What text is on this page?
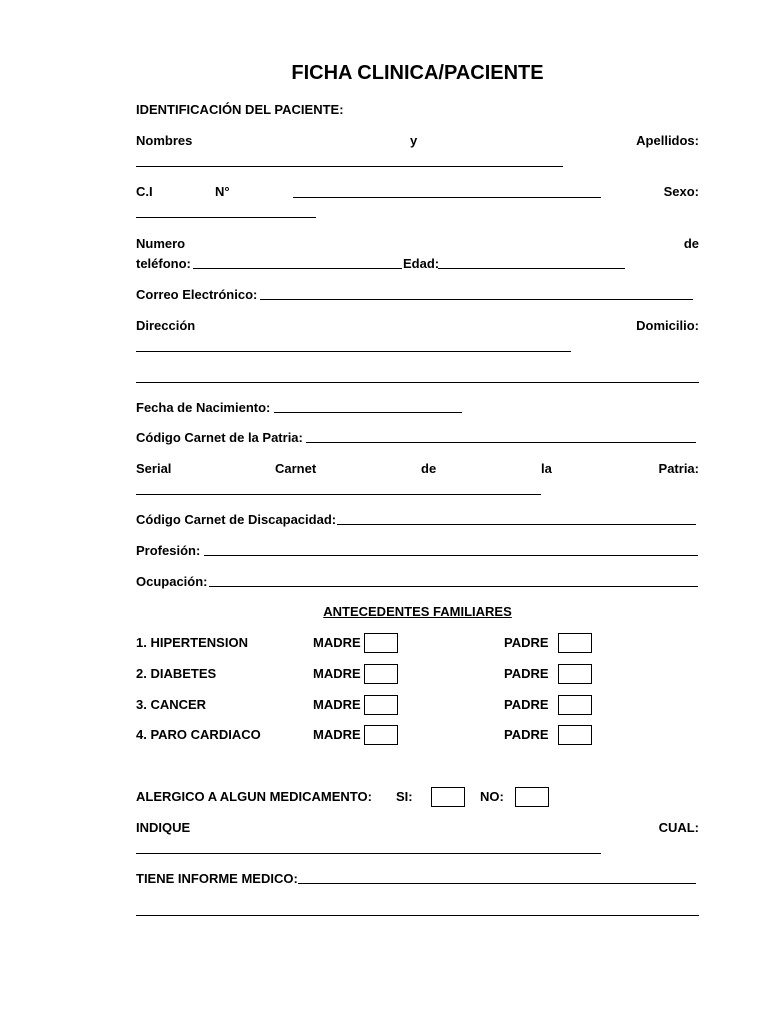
FICHA CLINICA/PACIENTE
IDENTIFICACIÓN DEL PACIENTE:
Nombres	y	Apellidos:
C.I	N°	Sexo:
Numero	de
teléfono:	Edad:
Correo Electrónico:
Dirección	Domicilio:
Fecha de Nacimiento:
Código Carnet de la Patria:
Serial	Carnet	de	la	Patria:
Código Carnet de Discapacidad:
Profesión:
Ocupación:
ANTECEDENTES FAMILIARES
1. HIPERTENSION	MADRE	PADRE
2. DIABETES	MADRE	PADRE
3. CANCER	MADRE	PADRE
4. PARO CARDIACO	MADRE	PADRE
ALERGICO A ALGUN MEDICAMENTO: SI:	NO:
INDIQUE	CUAL:
TIENE INFORME MEDICO:
